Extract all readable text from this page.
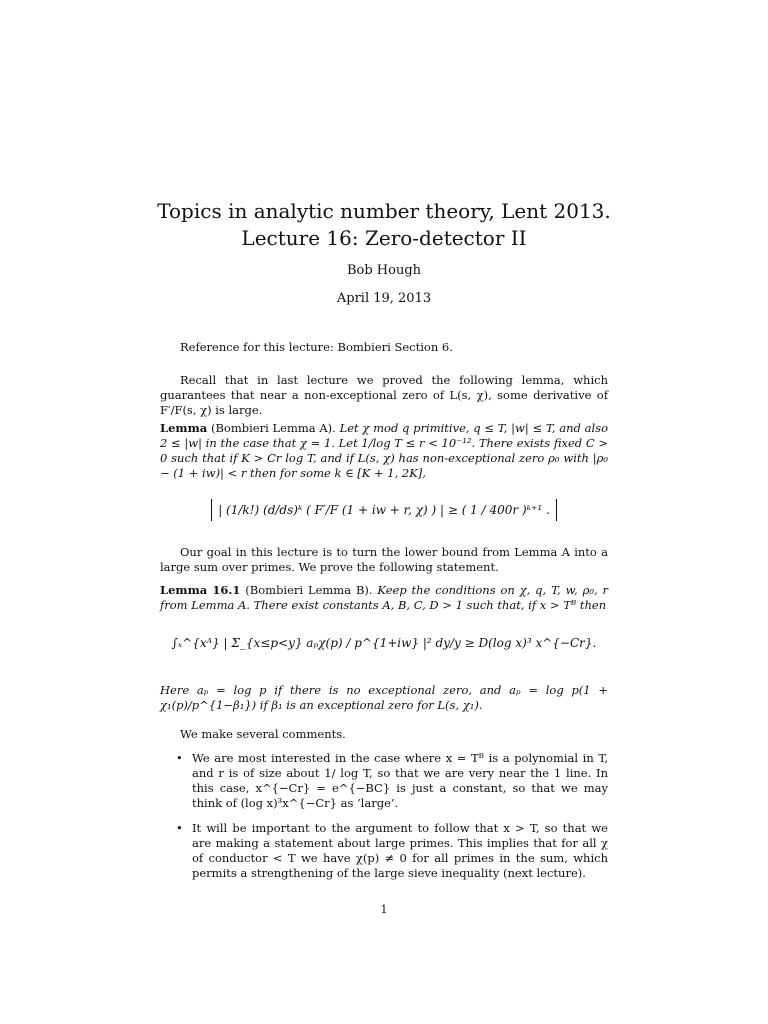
Topics in analytic number theory, Lent 2013.
Lecture 16: Zero-detector II
Bob Hough
April 19, 2013
Reference for this lecture: Bombieri Section 6.
Recall that in last lecture we proved the following lemma, which guarantees that near a non-exceptional zero of L(s, χ), some derivative of F′/F(s, χ) is large.
Lemma (Bombieri Lemma A). Let χ mod q primitive, q ≤ T, |w| ≤ T, and also 2 ≤ |w| in the case that χ = 1. Let 1/log T ≤ r < 10⁻¹². There exists fixed C > 0 such that if K > Cr log T, and if L(s, χ) has non-exceptional zero ρ₀ with |ρ₀ − (1 + iw)| < r then for some k ∈ [K + 1, 2K],
| (1/k!) (d/ds)ᵏ ( F′/F (1 + iw + r, χ) ) | ≥ ( 1 / 400r )ᵏ⁺¹ .
Our goal in this lecture is to turn the lower bound from Lemma A into a large sum over primes. We prove the following statement.
Lemma 16.1 (Bombieri Lemma B). Keep the conditions on χ, q, T, w, ρ₀, r from Lemma A. There exist constants A, B, C, D > 1 such that, if x > Tᴮ then
∫ₓ^{xᴬ} | Σ_{x≤p<y} aₚχ(p) / p^{1+iw} |² dy/y ≥ D(log x)³ x^{−Cr}.
Here aₚ = log p if there is no exceptional zero, and aₚ = log p(1 + χ₁(p)/p^{1−β₁}) if β₁ is an exceptional zero for L(s, χ₁).
We make several comments.
• We are most interested in the case where x = Tᴮ is a polynomial in T, and r is of size about 1/ log T, so that we are very near the 1 line. In this case, x^{−Cr} = e^{−BC} is just a constant, so that we may think of (log x)³x^{−Cr} as ‘large’.
• It will be important to the argument to follow that x > T, so that we are making a statement about large primes. This implies that for all χ of conductor < T we have χ(p) ≠ 0 for all primes in the sum, which permits a strengthening of the large sieve inequality (next lecture).
1
